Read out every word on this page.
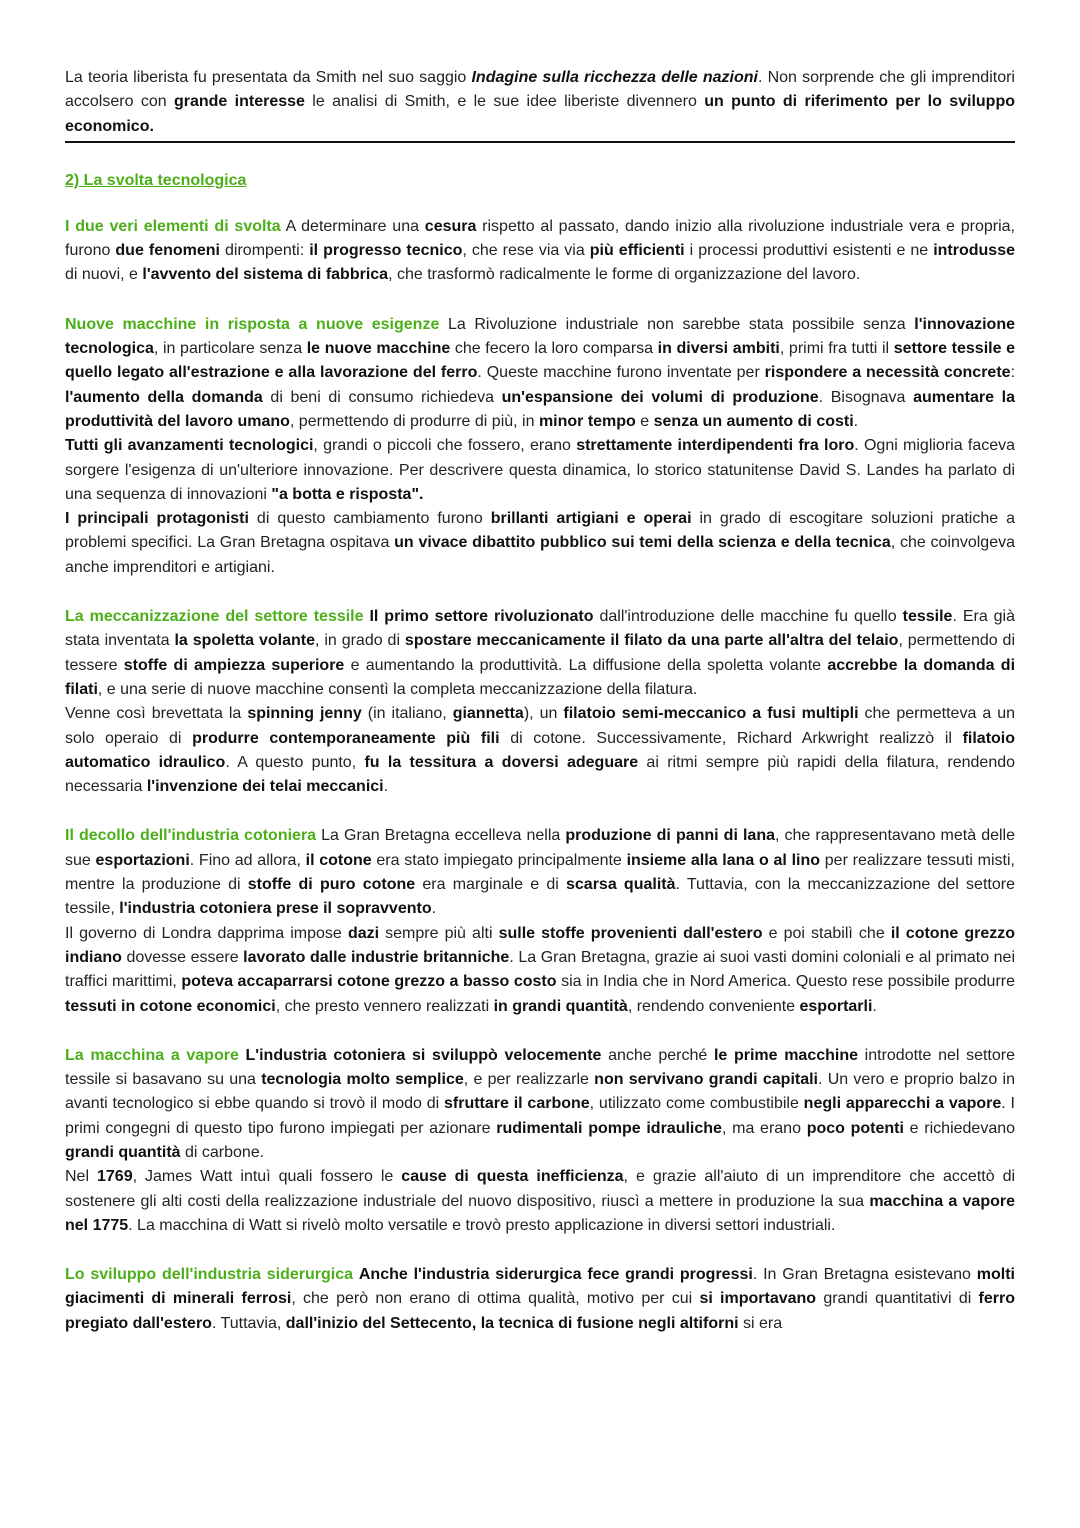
La teoria liberista fu presentata da Smith nel suo saggio Indagine sulla ricchezza delle nazioni. Non sorprende che gli imprenditori accolsero con grande interesse le analisi di Smith, e le sue idee liberiste divennero un punto di riferimento per lo sviluppo economico.

2) La svolta tecnologica

I due veri elementi di svolta A determinare una cesura rispetto al passato, dando inizio alla rivoluzione industriale vera e propria, furono due fenomeni dirompenti: il progresso tecnico, che rese via via più efficienti i processi produttivi esistenti e ne introdusse di nuovi, e l'avvento del sistema di fabbrica, che trasformò radicalmente le forme di organizzazione del lavoro.

Nuove macchine in risposta a nuove esigenze La Rivoluzione industriale non sarebbe stata possibile senza l'innovazione tecnologica, in particolare senza le nuove macchine che fecero la loro comparsa in diversi ambiti, primi fra tutti il settore tessile e quello legato all'estrazione e alla lavorazione del ferro. Queste macchine furono inventate per rispondere a necessità concrete: l'aumento della domanda di beni di consumo richiedeva un'espansione dei volumi di produzione. Bisognava aumentare la produttività del lavoro umano, permettendo di produrre di più, in minor tempo e senza un aumento di costi.
Tutti gli avanzamenti tecnologici, grandi o piccoli che fossero, erano strettamente interdipendenti fra loro. Ogni miglioria faceva sorgere l'esigenza di un'ulteriore innovazione. Per descrivere questa dinamica, lo storico statunitense David S. Landes ha parlato di una sequenza di innovazioni "a botta e risposta".
I principali protagonisti di questo cambiamento furono brillanti artigiani e operai in grado di escogitare soluzioni pratiche a problemi specifici. La Gran Bretagna ospitava un vivace dibattito pubblico sui temi della scienza e della tecnica, che coinvolgeva anche imprenditori e artigiani.

La meccanizzazione del settore tessile Il primo settore rivoluzionato dall'introduzione delle macchine fu quello tessile. Era già stata inventata la spoletta volante, in grado di spostare meccanicamente il filato da una parte all'altra del telaio, permettendo di tessere stoffe di ampiezza superiore e aumentando la produttività. La diffusione della spoletta volante accrebbe la domanda di filati, e una serie di nuove macchine consentì la completa meccanizzazione della filatura.
Venne così brevettata la spinning jenny (in italiano, giannetta), un filatoio semi-meccanico a fusi multipli che permetteva a un solo operaio di produrre contemporaneamente più fili di cotone. Successivamente, Richard Arkwright realizzò il filatoio automatico idraulico. A questo punto, fu la tessitura a doversi adeguare ai ritmi sempre più rapidi della filatura, rendendo necessaria l'invenzione dei telai meccanici.

Il decollo dell'industria cotoniera La Gran Bretagna eccelleva nella produzione di panni di lana, che rappresentavano metà delle sue esportazioni. Fino ad allora, il cotone era stato impiegato principalmente insieme alla lana o al lino per realizzare tessuti misti, mentre la produzione di stoffe di puro cotone era marginale e di scarsa qualità. Tuttavia, con la meccanizzazione del settore tessile, l'industria cotoniera prese il sopravvento.
Il governo di Londra dapprima impose dazi sempre più alti sulle stoffe provenienti dall'estero e poi stabilì che il cotone grezzo indiano dovesse essere lavorato dalle industrie britanniche. La Gran Bretagna, grazie ai suoi vasti domini coloniali e al primato nei traffici marittimi, poteva accaparrarsi cotone grezzo a basso costo sia in India che in Nord America. Questo rese possibile produrre tessuti in cotone economici, che presto vennero realizzati in grandi quantità, rendendo conveniente esportarli.

La macchina a vapore L'industria cotoniera si sviluppò velocemente anche perché le prime macchine introdotte nel settore tessile si basavano su una tecnologia molto semplice, e per realizzarle non servivano grandi capitali. Un vero e proprio balzo in avanti tecnologico si ebbe quando si trovò il modo di sfruttare il carbone, utilizzato come combustibile negli apparecchi a vapore. I primi congegni di questo tipo furono impiegati per azionare rudimentali pompe idrauliche, ma erano poco potenti e richiedevano grandi quantità di carbone.
Nel 1769, James Watt intuì quali fossero le cause di questa inefficienza, e grazie all'aiuto di un imprenditore che accettò di sostenere gli alti costi della realizzazione industriale del nuovo dispositivo, riuscì a mettere in produzione la sua macchina a vapore nel 1775. La macchina di Watt si rivelò molto versatile e trovò presto applicazione in diversi settori industriali.

Lo sviluppo dell'industria siderurgica Anche l'industria siderurgica fece grandi progressi. In Gran Bretagna esistevano molti giacimenti di minerali ferrosi, che però non erano di ottima qualità, motivo per cui si importavano grandi quantitativi di ferro pregiato dall'estero. Tuttavia, dall'inizio del Settecento, la tecnica di fusione negli altiforni si era
